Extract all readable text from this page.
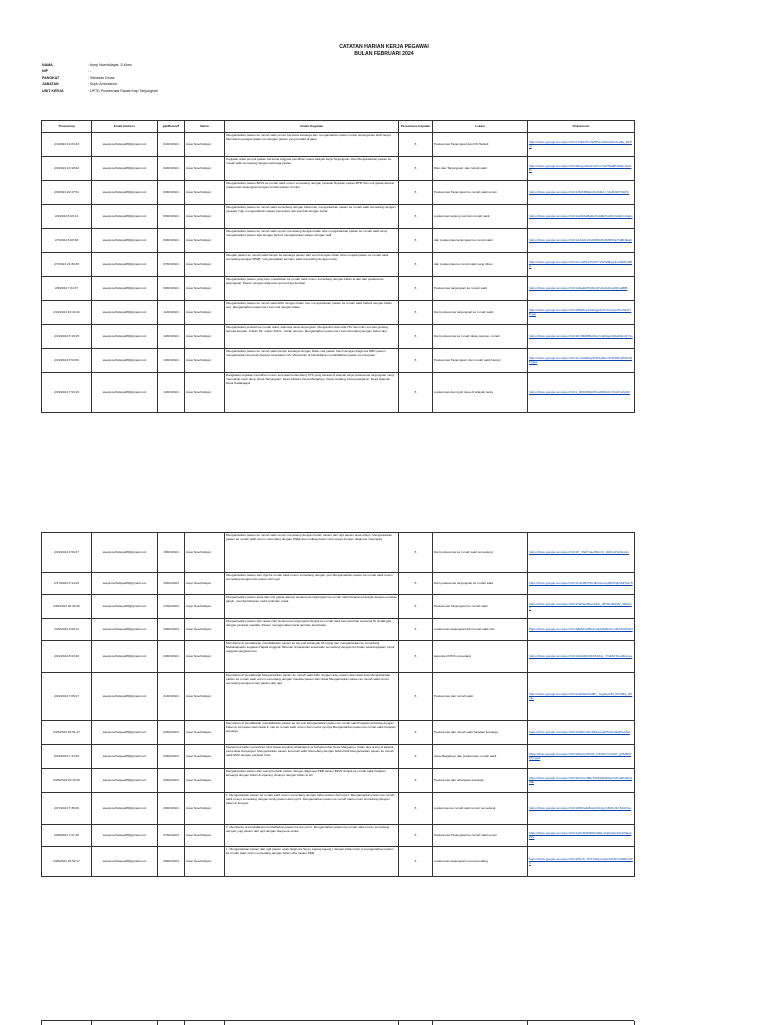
CATATAN HARIAN KERJA PEGAWAI
BULAN FEBRUARI 2024
NAMA	: Asep Noerhidayat, S.Kkes
NIP	: -
PANGKAT	: Sebasan Dinas
JABATAN	: Supir Ambulance
UNIT KERJA	: UPTD Puskesmas Rawat Inap Tanjungsari
Timestamp	Email Address	gal/Bulan/T	Nama	Uraian Kegiatan	Persentase Capaian	Lokasi	Dokumensi
2/1/2024 10:23:33	asepnoerhidayat05@gmail.com	01/02/2024	Asep Noerhidayat,	Mengantarkan pasien ke rumah sakit umum bersama keluarga dan mengantarkan pasien untuk penanganan lebih lanjut. Membantu petugas dalam menangani pasien yang berada di jalan.	5	Puskesmas Tanjungsari dan RS Harkell	https://drive.google.com/open?id=1TxBbYFLiN25IVmvRxNoPw7xe8q_RTPnt

2/2/2024 10:18:32	asepnoerhidayat05@gmail.com	02/02/2024	Asep Noerhidayat,	Kegiatan antar jemput pasien bersama anggota pemilihan suara wilayah kerja Tanjungsari. Dan Mengantarkan pasien ke rumah sakit sumedang dengan keluarga pasien.	5	Rian dan Tanjungsari, dan rumah sakit	https://drive.google.com/open?id=1EVgnx6G47aTnmmVHKiaBfvfRbuJbsOPi

2/3/2024 20:47:51	asepnoerhidayat05@gmail.com	03/02/2024	Asep Noerhidayat,	Mengantarkan pasien BPJS ke rumah sakit umum sumedang dengan perawat Rujukan pasien BHP dan unit gawat darurat puskesmas tanjungsari dengan kondisi pasien di infus	5	Puskesmas Tanjungsari ke rumah sakit umum	https://drive.google.com/open?id=1z8cFBNEkJGXbZuU_hjw6OWYNpPU

2/4/2024 6:19:13	asepnoerhidayat05@gmail.com	05/02/2024	Asep Noerhidayat,	Mengantarkan pasien ke rumah sakit sumedang dengan bidan ida, mengantarkan pasien ke rumah sakit sumedang dengan perawat Yugi, mengantarkan pasien kemenkes dan kembali dengan sehat	5	puskesmas tanjung sari dan rumah sakit	https://drive.google.com/open?id=1wi4bKaBgELPnA9ETvs0VOxnEXxUgEu

2/7/2024 8:48:38	asepnoerhidayat05@gmail.com	06/02/2024	Asep Noerhidayat,	Mengantarkan pasien ke rumah sakit umum sumedang dengan bidan sihe mengantarkan pasien ke rumah sakit lendy mengantarkan pasien aga dengan fardow mengantarkan pasien dengan wali	5	dari puskesmas tanjungsari ke rumah sakit	https://drive.google.com/open?id=1iL0Adlnr4VAiRWrDNIMRMhoTlaBNEqQ

2/7/2024 21:30:38	asepnoerhidayat05@gmail.com	07/02/2024	Asep Noerhidayat,	Menjadi pasien ke rumah sakit hampir ke keluarga pasien dari worrd dengan bidan siha menjadi pasien ke rumah sakit sumedang dengan WWB, menyampaikan kemarin sakit sumedang dengan lendy.	5	dari puskesmas ke rumah sakit yang dituju	https://drive.google.com/open?id=1mmdNIwThGPYVFHeBhgL1ouMMrhu8fG

2/9/2024 7:32:07	asepnoerhidayat05@gmail.com	08/02/2024	Asep Noerhidayat,	Mengantarkan pasien yang baru melahirkan ke rumah sakit umum sumedang dengan bidan ai dan dari puskesmas tanjungsari. Pasien dengan diagnosis gemeli bayi kembar.	5	Puskesmas tanjungsari ke rumah sakit	https://drive.google.com/open?id=14GeEhHQ3rpQIVdsKu6rvaXjfmqBfB

2/12/2024 16:10:41	asepnoerhidayat05@gmail.com	11/02/2024	Asep Noerhidayat,	Mengantarkan pasien ke rumah sakit AMC dengan bidan mia, mengantarkan pasien ke rumah sakit harkell dengan bidan ami. Mengantarkan pasien ke rsud smd dengan bidan.	5	Dari puskesmas tanjungsari ke rumah sakit	https://drive.google.com/open?id=1RWZeLPGEagjsTeXcXJyrpp4HmfsD7YPzge

2/13/2024 5:16:25	asepnoerhidayat05@gmail.com	12/02/2024	Asep Noerhidayat,	Mengantarkan jenazah ke rumah duka, warnanti desa tanjungsari. Mengambil obat obat HIV dan infus set dari gudang farmasi kenpan. Cairan RL, cairan NACL, cairan asmine. Mengantarkan pasien ke rsud sumedang dengan bidan sihe	5	Dari puskesmas ke rumah duka, kenpan, rumah	https://drive.google.com/open?id=1PxfMZDBwPuuYcqDIqgmF4a8dcnQY3u

2/14/2024 5:54:50	asepnoerhidayat05@gmail.com	13/02/2024	Asep Noerhidayat,	Mengantarkan pasien ke rumah sakit hampir keluarga dengan bidan nita pasien hamil dengan diagnosa DBD pasien mengantarkan kerumah Jamiam kesehatan rsh. Membantu di pendaftaran mendaftarkan pasien ke komputer	5	Puskesmas Tanjungsari, dan rumah sakit hampir	https://drive.google.com/open?id=1mmtwEfIqp9vRSyBAmTt45HDzyP6HvRPQgA

2/15/2024 7:53:16	asepnoerhidayat05@gmail.com	14/02/2024	Asep Noerhidayat,	Rangkaian kegiatan pemilihan umum serentak berlambang TPS yang berada di wilayah kerja puskesmas tanjungsari yang mencakup tujuh desa, Desa Tanjungsari, Desa Jatisari, Desa Margaluyu, Desa Gudang, Desa pasigaron, Desa Gijanda, Desa Kadakajaya	5	puskesmas dan tujuh desa di wilayah kerja	https://drive.google.com/open?id=1_l9KDFBdpPKwd6RlL0nYFqXYvZA9X
2/16/2024 4:56:37	asepnoerhidayat05@gmail.com	15/02/2024	Asep Noerhidayat,	Mengantarkan pasien ke rumah sakit umum sumedang dengan bersih pasien dari ugd pasien anak effays. Mengantarkan pasien ke rumah sakit umum sumedang dengan Wafik dan mutkaa pasien dari sesap dengan diagnosa meningitis	5	Dari puskesmas ke rumah sakit sumedang	https://drive.google.com/open?id=1P_3hiZYda-r5RmVl_zRtF1sHoNLsGn

2/17/2024 5:14:23	asepnoerhidayat05@gmail.com	16/02/2024	Asep Noerhidayat,	Mengantarkan pasien dari Ugd ke rumah sakit umum sumedang dengan yeni Mengantarkan pasien ke rumah sakit umum sumedang dengan bite pasien dari ugd	5	Dari puskesmas tanjungsari ke rumah sakit	https://drive.google.com/open?id=1mDJ8DT5VJEVGGxuglMXfnjFMdf7tAY8

2/18/2024 20:29:46	asepnoerhidayat05@gmail.com	17/02/2024	Asep Noerhidayat,	Mengantarkan pasien anak dari unit gawat darurat puskesmas tanjungsari ke rumah sakit harapan keluarga dengan perawat gingin, memberitahukan mobil ambulan rusak	5	Puskesmas Tanjungsari ke rumah sakit	https://drive.google.com/open?id=1Hthfwp0FeUHLh_dPHbURtjNlV_0DNovY

2/20/2024 6:08:11	asepnoerhidayat05@gmail.com	19/02/2024	Asep Noerhidayat,	Mengantarkan pasien dan rawat inap puskesmas tanjungsari dirujuk ke rumah sakit kemoterahan bersama Di Gudangka dengan perawat maulida. Pasien menggunakan kartu jaminan kesehatan	5	puskesmas tanjungsari dan rumah sakit nitu	https://drive.google.com/open?id=1jBZsCsPBnFo3jAlbf3Ed3YmRXPOP9Pd

2/21/2024 8:03:46	asepnoerhidayat05@gmail.com	20/02/2024	Asep Noerhidayat,	Membantu di pendaftaran mendaftarkan pasien ke tpp poli sebanyak 35 orang dan mengantarkan ke sumedang Melaksanakan kegiatan Hapak Anggota Tahunan di kapanian kesehatan sumedang dengan ibu bidan pelantingkatan mpok anggota pangantonom	5	kapanian KPKS sumedang	https://drive.google.com/open?id=1lAbAjKDUFFfUjXqt_Yh2k6zTsvuMkvxee

2/22/2024 7:05:27	asepnoerhidayat05@gmail.com	21/02/2024	Asep Noerhidayat,	Membantu di pendaftaran Mengantarkan pasien ke rumah sakit AMC dengan ada, pasien dari rawat inap Mengantarkan pasien ke rumah sakit umum sumedang dengan maulida pasien dari rawat Mengantarkan pasien ke rumah sakit umum sumedang dengan lendy pasien dari ugd	5	Puskesmas dan rumah sakit	https://drive.google.com/open?id=1s2f4S2XCaBY_GqyEyCiM_5zHzBA_KKuLy

2/23/2024 23:51:27	asepnoerhidayat05@gmail.com	22/02/2024	Asep Noerhidayat,	Membantu di pendaftaran mendaftarkan pasien ke tpp poli Mengantarkan pasien ke rumah sakit harapan keluarga dengan bidan ai siti pasien dari rawat in nap ke rumah sakit umum dan mama nyonya Mengantarkan pasien ke rumah sakit harapan keluarga	5	Puskesmas dan rumah sakit harapan keluarga	https://drive.google.com/open?id=1Q0Rm4fC4hDnu1olRTN4ca9g8zuL8iA

2/24/2024 7:34:39	asepnoerhidayat05@gmail.com	24/02/2024	Asep Noerhidayat,	Menjemput bidan pemeriksa mpsl lokasi kosobay ahpanigrup di Sungkunobar Desa Margaluyu, bidan dua orang di kawula pemeriksa kunjungari. Mengantarkan pasien kerumah sakit Sumedang dengan bidan Dilla Mengantarkan pasien ke rumah sakit AMC dengan perawat Yuliu	5	desa Margaluyu dan puskesmas, rumah sakit	https://drive.google.com/open?id=1IEQcyHKCR_U3V8ccYvvsF8_yjAMMXfQQ-gyA

2/25/2024 20:11:03	asepnoerhidayat05@gmail.com	25/02/2024	Asep Noerhidayat,	Mengantarkan pasien dan ruang bersalin pasien dengan diagnosa PEB pasien BPJS dirujuk ke rumah sakit harapan keluarga dengan bidan di sipasing clinanye dengan bidan ai siti	5	Puskesmas dan rsharapan keluarga	https://drive.google.com/open?id=1DvfrUchBeTcSZdqhWAauoVfnaRhuETqWE

2/27/2024 7:38:29	asepnoerhidayat05@gmail.com	26/02/2024	Asep Noerhidayat,	1. Mengantarkan pasien ke rumah sakit umum sumedang dengan bidan pasien dari ugd 2. Mengantarkan pasien ke rumah sakit umum sumedang dengan lendy pasien dari ugd 3. Mengantarkan pasien ke rumah sakit umum sumedang dengan bidan ai kenyani	5	puskesmas ke rumah sakit umum sumedang	https://drive.google.com/open?id=1KBrfavEfbwqcSCcjjyG5bKUfLYMmFGu

2/28/2024 7:21:48	asepnoerhidayat05@gmail.com	27/02/2024	Asep Noerhidayat,	1. Membantu di pendaftaran mendaftarkan pasien ke tpp poli 2. Mengantarkan pasien ke rumah sakit umum sumedang dengan yugi pasien dari ugd dengan diagnosa stroke	5	Puskesmas Tanjungsari ke rumah sakit umum	https://drive.google.com/open?id=1qfVJW9IfDSbe9ELq7gFtwSoK9oPzEsaZsV

2/28/2024 23:52:17	asepnoerhidayat05@gmail.com	28/02/2024	Asep Noerhidayat,	1. Mengantarkan pasien dari ugd pasien anak diagnosa Step ( kejang kejang ) dengan bidan intan 2.mengantarkan pasien ke rumah sakit umum sumedang dengan bidan siha pasien PEB	5	puskesmas tanjungsari rsud sumedang	https://drive.google.com/open?id=1PSJ3_TFXTdsgUcsqfeh1p8mrN4RbxSPu
